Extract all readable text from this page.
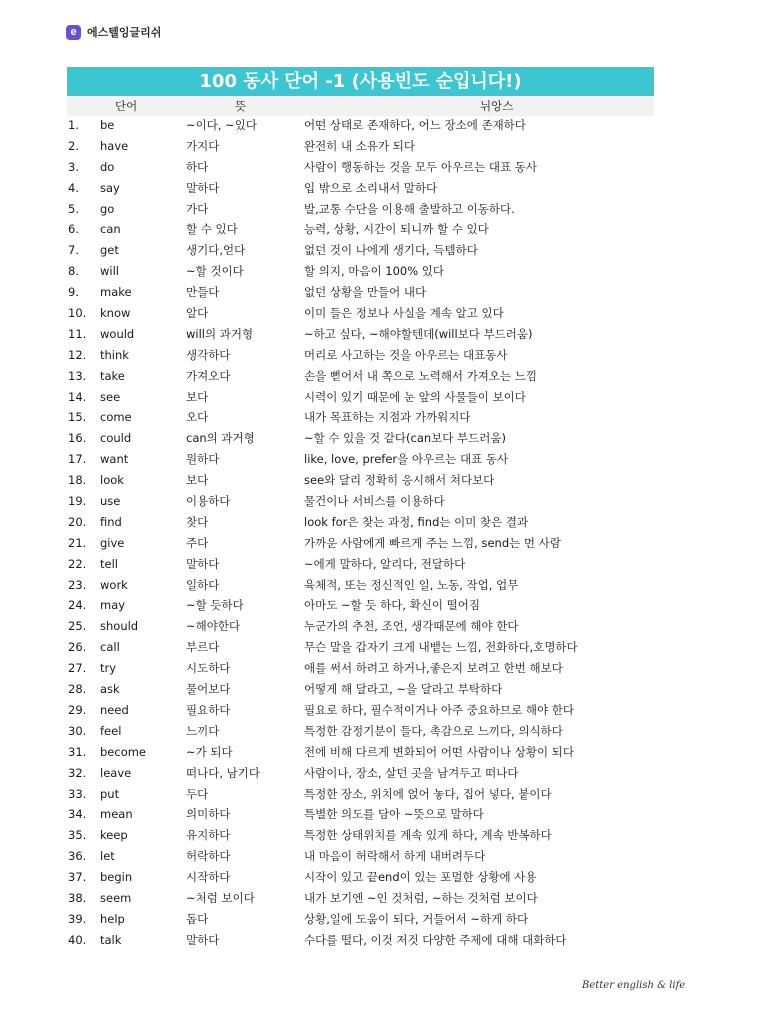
e 에스텔잉글리쉬
100 동사 단어 -1 (사용빈도 순입니다!)
단어	뜻	뉘앙스
1. be	~이다, ~있다	어떤 상태로 존재하다, 어느 장소에 존재하다
2. have	가지다	완전히 내 소유가 되다
3. do	하다	사람이 행동하는 것을 모두 아우르는 대표 동사
4. say	말하다	입 밖으로 소리내서 말하다
5. go	가다	발,교통 수단을 이용해 출발하고 이동하다.
6. can	할 수 있다	능력, 상황, 시간이 되니까 할 수 있다
7. get	생기다,얻다	없던 것이 나에게 생기다, 득템하다
8. will	~할 것이다	할 의지, 마음이 100% 있다
9. make	만들다	없던 상황을 만들어 내다
10. know	알다	이미 들은 정보나 사실을 계속 알고 있다
11. would	will의 과거형	~하고 싶다, ~해야할텐데(will보다 부드러움)
12. think	생각하다	머리로 사고하는 것을 아우르는 대표동사
13. take	가져오다	손을 뻗어서 내 쪽으로 노력해서 가져오는 느낌
14. see	보다	시력이 있기 때문에 눈 앞의 사물들이 보이다
15. come	오다	내가 목표하는 지점과 가까워지다
16. could	can의 과거형	~할 수 있을 것 같다(can보다 부드러움)
17. want	원하다	like, love, prefer을 아우르는 대표 동사
18. look	보다	see와 달리 정확히 응시해서 쳐다보다
19. use	이용하다	물건이나 서비스를 이용하다
20. find	찾다	look for은 찾는 과정, find는 이미 찾은 결과
21. give	주다	가까운 사람에게 빠르게 주는 느낌, send는 먼 사람
22. tell	말하다	~에게 말하다, 알리다, 전달하다
23. work	일하다	육체적, 또는 정신적인 일, 노동, 작업, 업무
24. may	~할 듯하다	아마도 ~할 듯 하다, 확신이 떨어짐
25. should	~해야한다	누군가의 추천, 조언, 생각때문에 해야 한다
26. call	부르다	무슨 말을 갑자기 크게 내뱉는 느낌, 전화하다,호명하다
27. try	시도하다	애를 써서 하려고 하거나,좋은지 보려고 한번 해보다
28. ask	물어보다	어떻게 해 달라고, ~을 달라고 부탁하다
29. need	필요하다	필요로 하다, 필수적이거나 아주 중요하므로 해야 한다
30. feel	느끼다	특정한 감정기분이 들다, 촉감으로 느끼다, 의식하다
31. become	~가 되다	전에 비해 다르게 변화되어 어떤 사람이나 상황이 되다
32. leave	떠나다, 남기다	사람이나, 장소, 살던 곳을 남겨두고 떠나다
33. put	두다	특정한 장소, 위치에 얹어 놓다, 집어 넣다, 붙이다
34. mean	의미하다	특별한 의도를 담아 ~뜻으로 말하다
35. keep	유지하다	특정한 상태위치를 계속 있게 하다, 계속 반복하다
36. let	허락하다	내 마음이 허락해서 하게 내버려두다
37. begin	시작하다	시작이 있고 끝end이 있는 포멀한 상황에 사용
38. seem	~처럼 보이다	내가 보기엔 ~인 것처럼, ~하는 것처럼 보이다
39. help	돕다	상황,일에 도움이 되다, 거들어서 ~하게 하다
40. talk	말하다	수다를 떨다, 이것 저것 다양한 주제에 대해 대화하다
Better english & life
